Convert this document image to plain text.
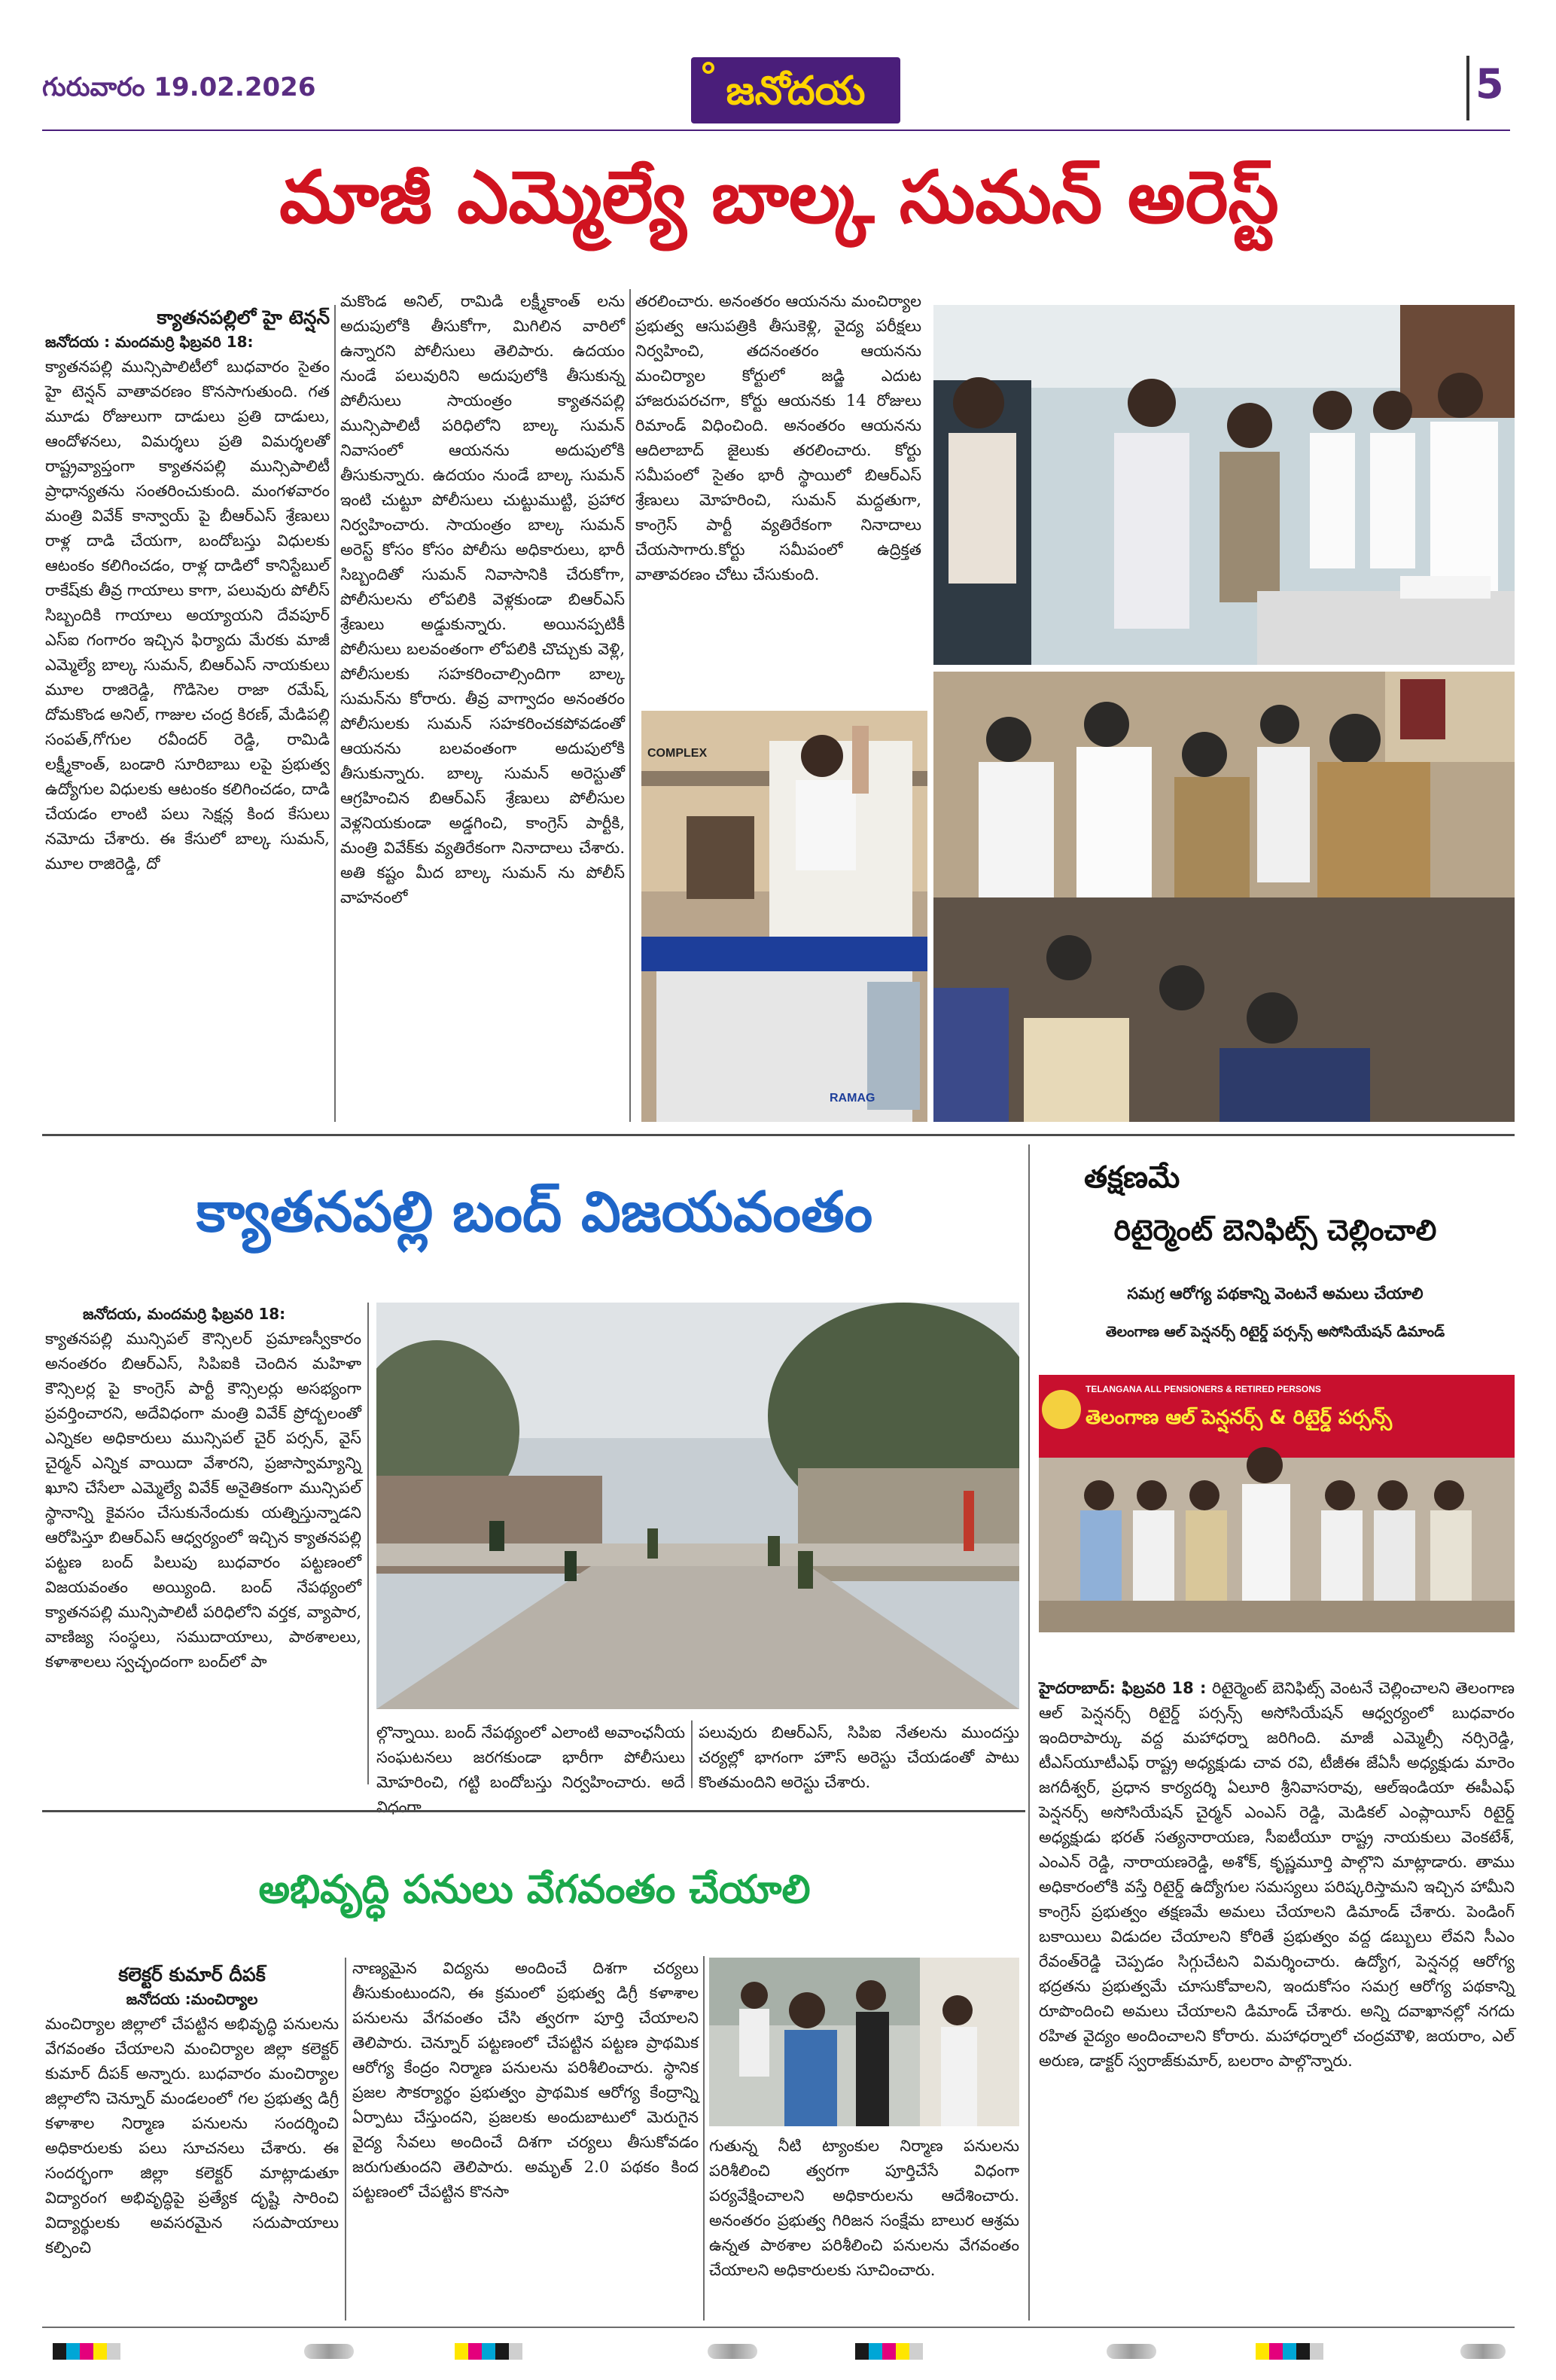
గురువారం 19.02.2026	జనోదయ	5
మాజీ ఎమ్మెల్యే బాల్క సుమన్ అరెస్ట్

క్యాతనపల్లిలో హై టెన్షన్

జనోదయ : మందమర్రి ఫిబ్రవరి 18:

క్యాతనపల్లి మున్సిపాలిటీలో బుధవారం సైతం హై టెన్షన్ వాతావరణం కొనసాగుతుంది. గత మూడు రోజులుగా దాడులు ప్రతి దాడులు, ఆందోళనలు, విమర్శలు ప్రతి విమర్శలతో రాష్ట్రవ్యాప్తంగా క్యాతనపల్లి మున్సిపాలిటీ ప్రాధాన్యతను సంతరించుకుంది. మంగళవారం మంత్రి వివేక్ కాన్వాయ్ పై బీఆర్ఎస్ శ్రేణులు రాళ్ల దాడి చేయగా, బందోబస్తు విధులకు ఆటంకం కలిగించడం, రాళ్ల దాడిలో కానిస్టేబుల్ రాకేష్‌కు తీవ్ర గాయాలు కాగా, పలువురు పోలీస్ సిబ్బందికి గాయాలు అయ్యాయని దేవపూర్ ఎస్ఐ గంగారం ఇచ్చిన ఫిర్యాదు మేరకు మాజీ ఎమ్మెల్యే బాల్క సుమన్, బిఆర్ఎస్ నాయకులు మూల రాజిరెడ్డి, గొడిసెల రాజా రమేష్, దోమకొండ అనిల్, గాజుల చంద్ర కిరణ్, మేడిపల్లి సంపత్,గోగుల రవీందర్ రెడ్డి, రామిడి లక్ష్మీకాంత్, బండారి సూరిబాబు లపై ప్రభుత్వ ఉద్యోగుల విధులకు ఆటంకం కలిగించడం, దాడి చేయడం లాంటి పలు సెక్షన్ల కింద కేసులు నమోదు చేశారు. ఈ కేసులో బాల్క సుమన్, మూల రాజిరెడ్డి, దో

మకొండ అనిల్, రామిడి లక్ష్మీకాంత్ లను అదుపులోకి తీసుకోగా, మిగిలిన వారిలో ఉన్నారని పోలీసులు తెలిపారు. ఉదయం నుండే పలువురిని అదుపులోకి తీసుకున్న పోలీసులు సాయంత్రం క్యాతనపల్లి మున్సిపాలిటీ పరిధిలోని బాల్క సుమన్ నివాసంలో ఆయనను అదుపులోకి తీసుకున్నారు. ఉదయం నుండే బాల్క సుమన్ ఇంటి చుట్టూ పోలీసులు చుట్టుముట్టి, ప్రహార నిర్వహించారు. సాయంత్రం బాల్క సుమన్ అరెస్ట్ కోసం కోసం పోలీసు అధికారులు, భారీ సిబ్బందితో సుమన్ నివాసానికి చేరుకోగా, పోలీసులను లోపలికి వెళ్లకుండా బిఆర్ఎస్ శ్రేణులు అడ్డుకున్నారు. అయినప్పటికీ పోలీసులు బలవంతంగా లోపలికి చొచ్చుకు వెళ్లి, పోలీసులకు సహకరించాల్సిందిగా బాల్క సుమన్‌ను కోరారు. తీవ్ర వాగ్వాదం అనంతరం పోలీసులకు సుమన్ సహకరించకపోవడంతో ఆయనను బలవంతంగా అదుపులోకి తీసుకున్నారు. బాల్క సుమన్ అరెస్టుతో ఆగ్రహించిన బిఆర్ఎస్ శ్రేణులు పోలీసుల వెళ్లనియకుండా అడ్డగించి, కాంగ్రెస్ పార్టీకి, మంత్రి వివేక్‌కు వ్యతిరేకంగా నినాదాలు చేశారు. అతి కష్టం మీద బాల్క సుమన్ ను పోలీస్ వాహనంలో

తరలించారు. అనంతరం ఆయనను మంచిర్యాల ప్రభుత్వ ఆసుపత్రికి తీసుకెళ్లి, వైద్య పరీక్షలు నిర్వహించి, తదనంతరం ఆయనను మంచిర్యాల కోర్టులో జడ్జి ఎదుట హాజరుపరచగా, కోర్టు ఆయనకు 14 రోజులు రిమాండ్ విధించింది. అనంతరం ఆయనను ఆదిలాబాద్ జైలుకు తరలించారు. కోర్టు సమీపంలో సైతం భారీ స్థాయిలో బిఆర్ఎస్ శ్రేణులు మోహరించి, సుమన్ మద్దతుగా, కాంగ్రెస్ పార్టీ వ్యతిరేకంగా నినాదాలు చేయసాగారు.కోర్టు సమీపంలో ఉద్రిక్తత వాతావరణం చోటు చేసుకుంది.

COMPLEX
RAMAG
క్యాతనపల్లి బంద్ విజయవంతం

జనోదయ, మందమర్రి ఫిబ్రవరి 18:

క్యాతనపల్లి మున్సిపల్ కౌన్సిలర్ ప్రమాణస్వీకారం అనంతరం బిఆర్ఎస్, సిపిఐకి చెందిన మహిళా కౌన్సిలర్ల పై కాంగ్రెస్ పార్టీ కౌన్సిలర్లు అసభ్యంగా ప్రవర్తించారని, అదేవిధంగా మంత్రి వివేక్ ప్రోద్బలంతో ఎన్నికల అధికారులు మున్సిపల్ చైర్ పర్సన్, వైస్ చైర్మన్ ఎన్నిక వాయిదా వేశారని, ప్రజాస్వామ్యాన్ని ఖూని చేసేలా ఎమ్మెల్యే వివేక్ అనైతికంగా మున్సిపల్ స్థానాన్ని కైవసం చేసుకునేందుకు యత్నిస్తున్నాడని ఆరోపిస్తూ బిఆర్ఎస్ ఆధ్వర్యంలో ఇచ్చిన క్యాతనపల్లి పట్టణ బంద్ పిలుపు బుధవారం పట్టణంలో విజయవంతం అయ్యింది. బంద్ నేపథ్యంలో క్యాతనపల్లి మున్సిపాలిటీ పరిధిలోని వర్తక, వ్యాపార, వాణిజ్య సంస్థలు, సముదాయాలు, పాఠశాలలు, కళాశాలలు స్వచ్ఛందంగా బంద్‌లో పా

ల్గొన్నాయి. బంద్ నేపథ్యంలో ఎలాంటి అవాంఛనీయ సంఘటనలు జరగకుండా భారీగా పోలీసులు మోహరించి, గట్టి బందోబస్తు నిర్వహించారు. అదే విధంగా

పలువురు బిఆర్ఎస్, సిపిఐ నేతలను ముందస్తు చర్యల్లో భాగంగా హౌస్ అరెస్టు చేయడంతో పాటు కొంతమందిని అరెస్టు చేశారు.

తక్షణమే
రిటైర్మెంట్ బెనిఫిట్స్ చెల్లించాలి
సమగ్ర ఆరోగ్య పథకాన్ని వెంటనే అమలు చేయాలి
తెలంగాణ ఆల్ పెన్షనర్స్ రిటైర్డ్ పర్సన్స్ అసోసియేషన్ డిమాండ్
TELANGANA ALL PENSIONERS & RETIRED PERSONS
తెలంగాణ ఆల్ పెన్షనర్స్ & రిటైర్డ్ పర్సన్స్

హైదరాబాద్: ఫిబ్రవరి 18 : రిటైర్మెంట్ బెనిఫిట్స్ వెంటనే చెల్లించాలని తెలంగాణ ఆల్ పెన్షనర్స్ రిటైర్డ్ పర్సన్స్ అసోసియేషన్ ఆధ్వర్యంలో బుధవారం ఇందిరాపార్కు వద్ద మహాధర్నా జరిగింది. మాజీ ఎమ్మెల్సీ నర్సిరెడ్డి, టీఎస్‌యూటీఎఫ్ రాష్ట్ర అధ్యక్షుడు చావ రవి, టీజీఈ జేఏసీ అధ్యక్షుడు మారెం జగదీశ్వర్, ప్రధాన కార్యదర్శి ఏలూరి శ్రీనివాసరావు, ఆల్ఇండియా ఈపీఎఫ్ పెన్షనర్స్ అసోసియేషన్ చైర్మన్ ఎంఎస్ రెడ్డి, మెడికల్ ఎంప్లాయీస్ రిటైర్డ్ అధ్యక్షుడు భరత్ సత్యనారాయణ, సీఐటీయూ రాష్ట్ర నాయకులు వెంకటేశ్, ఎంఎన్ రెడ్డి, నారాయణరెడ్డి, అశోక్, కృష్ణమూర్తి పాల్గొని మాట్లాడారు. తాము అధికారంలోకి వస్తే రిటైర్డ్ ఉద్యోగుల సమస్యలు పరిష్కరిస్తామని ఇచ్చిన హామీని కాంగ్రెస్ ప్రభుత్వం తక్షణమే అమలు చేయాలని డిమాండ్ చేశారు. పెండింగ్ బకాయిలు విడుదల చేయాలని కోరితే ప్రభుత్వం వద్ద డబ్బులు లేవని సీఎం రేవంత్‌రెడ్డి చెప్పడం సిగ్గుచేటని విమర్శించారు. ఉద్యోగ, పెన్షనర్ల ఆరోగ్య భద్రతను ప్రభుత్వమే చూసుకోవాలని, ఇందుకోసం సమగ్ర ఆరోగ్య పథకాన్ని రూపొందించి అమలు చేయాలని డిమాండ్ చేశారు. అన్ని దవాఖానల్లో నగదు రహిత వైద్యం అందించాలని కోరారు. మహాధర్నాలో చంద్రమౌళి, జయరాం, ఎల్ అరుణ, డాక్టర్ స్వరాజ్‌కుమార్, బలరాం పాల్గొన్నారు.

అభివృద్ధి పనులు వేగవంతం చేయాలి

కలెక్టర్ కుమార్ దీపక్

జనోదయ :మంచిర్యాల

మంచిర్యాల జిల్లాలో చేపట్టిన అభివృద్ధి పనులను వేగవంతం చేయాలని మంచిర్యాల జిల్లా కలెక్టర్ కుమార్ దీపక్ అన్నారు. బుధవారం మంచిర్యాల జిల్లాలోని చెన్నూర్ మండలంలో గల ప్రభుత్వ డిగ్రీ కళాశాల నిర్మాణ పనులను సందర్శించి అధికారులకు పలు సూచనలు చేశారు. ఈ సందర్భంగా జిల్లా కలెక్టర్ మాట్లాడుతూ విద్యారంగ అభివృద్ధిపై ప్రత్యేక దృష్టి సారించి విద్యార్థులకు అవసరమైన సదుపాయాలు కల్పించి

నాణ్యమైన విద్యను అందించే దిశగా చర్యలు తీసుకుంటుందని, ఈ క్రమంలో ప్రభుత్వ డిగ్రీ కళాశాల పనులను వేగవంతం చేసి త్వరగా పూర్తి చేయాలని తెలిపారు. చెన్నూర్ పట్టణంలో చేపట్టిన పట్టణ ప్రాథమిక ఆరోగ్య కేంద్రం నిర్మాణ పనులను పరిశీలించారు. స్థానిక ప్రజల సౌకర్యార్థం ప్రభుత్వం ప్రాథమిక ఆరోగ్య కేంద్రాన్ని ఏర్పాటు చేస్తుందని, ప్రజలకు అందుబాటులో మెరుగైన వైద్య సేవలు అందించే దిశగా చర్యలు తీసుకోవడం జరుగుతుందని తెలిపారు. అమృత్ 2.0 పథకం కింద పట్టణంలో చేపట్టిన కొనసా

గుతున్న నీటి ట్యాంకుల నిర్మాణ పనులను పరిశీలించి త్వరగా పూర్తిచేసే విధంగా పర్యవేక్షించాలని అధికారులను ఆదేశించారు. అనంతరం ప్రభుత్వ గిరిజన సంక్షేమ బాలుర ఆశ్రమ ఉన్నత పాఠశాల పరిశీలించి పనులను వేగవంతం చేయాలని అధికారులకు సూచించారు.
